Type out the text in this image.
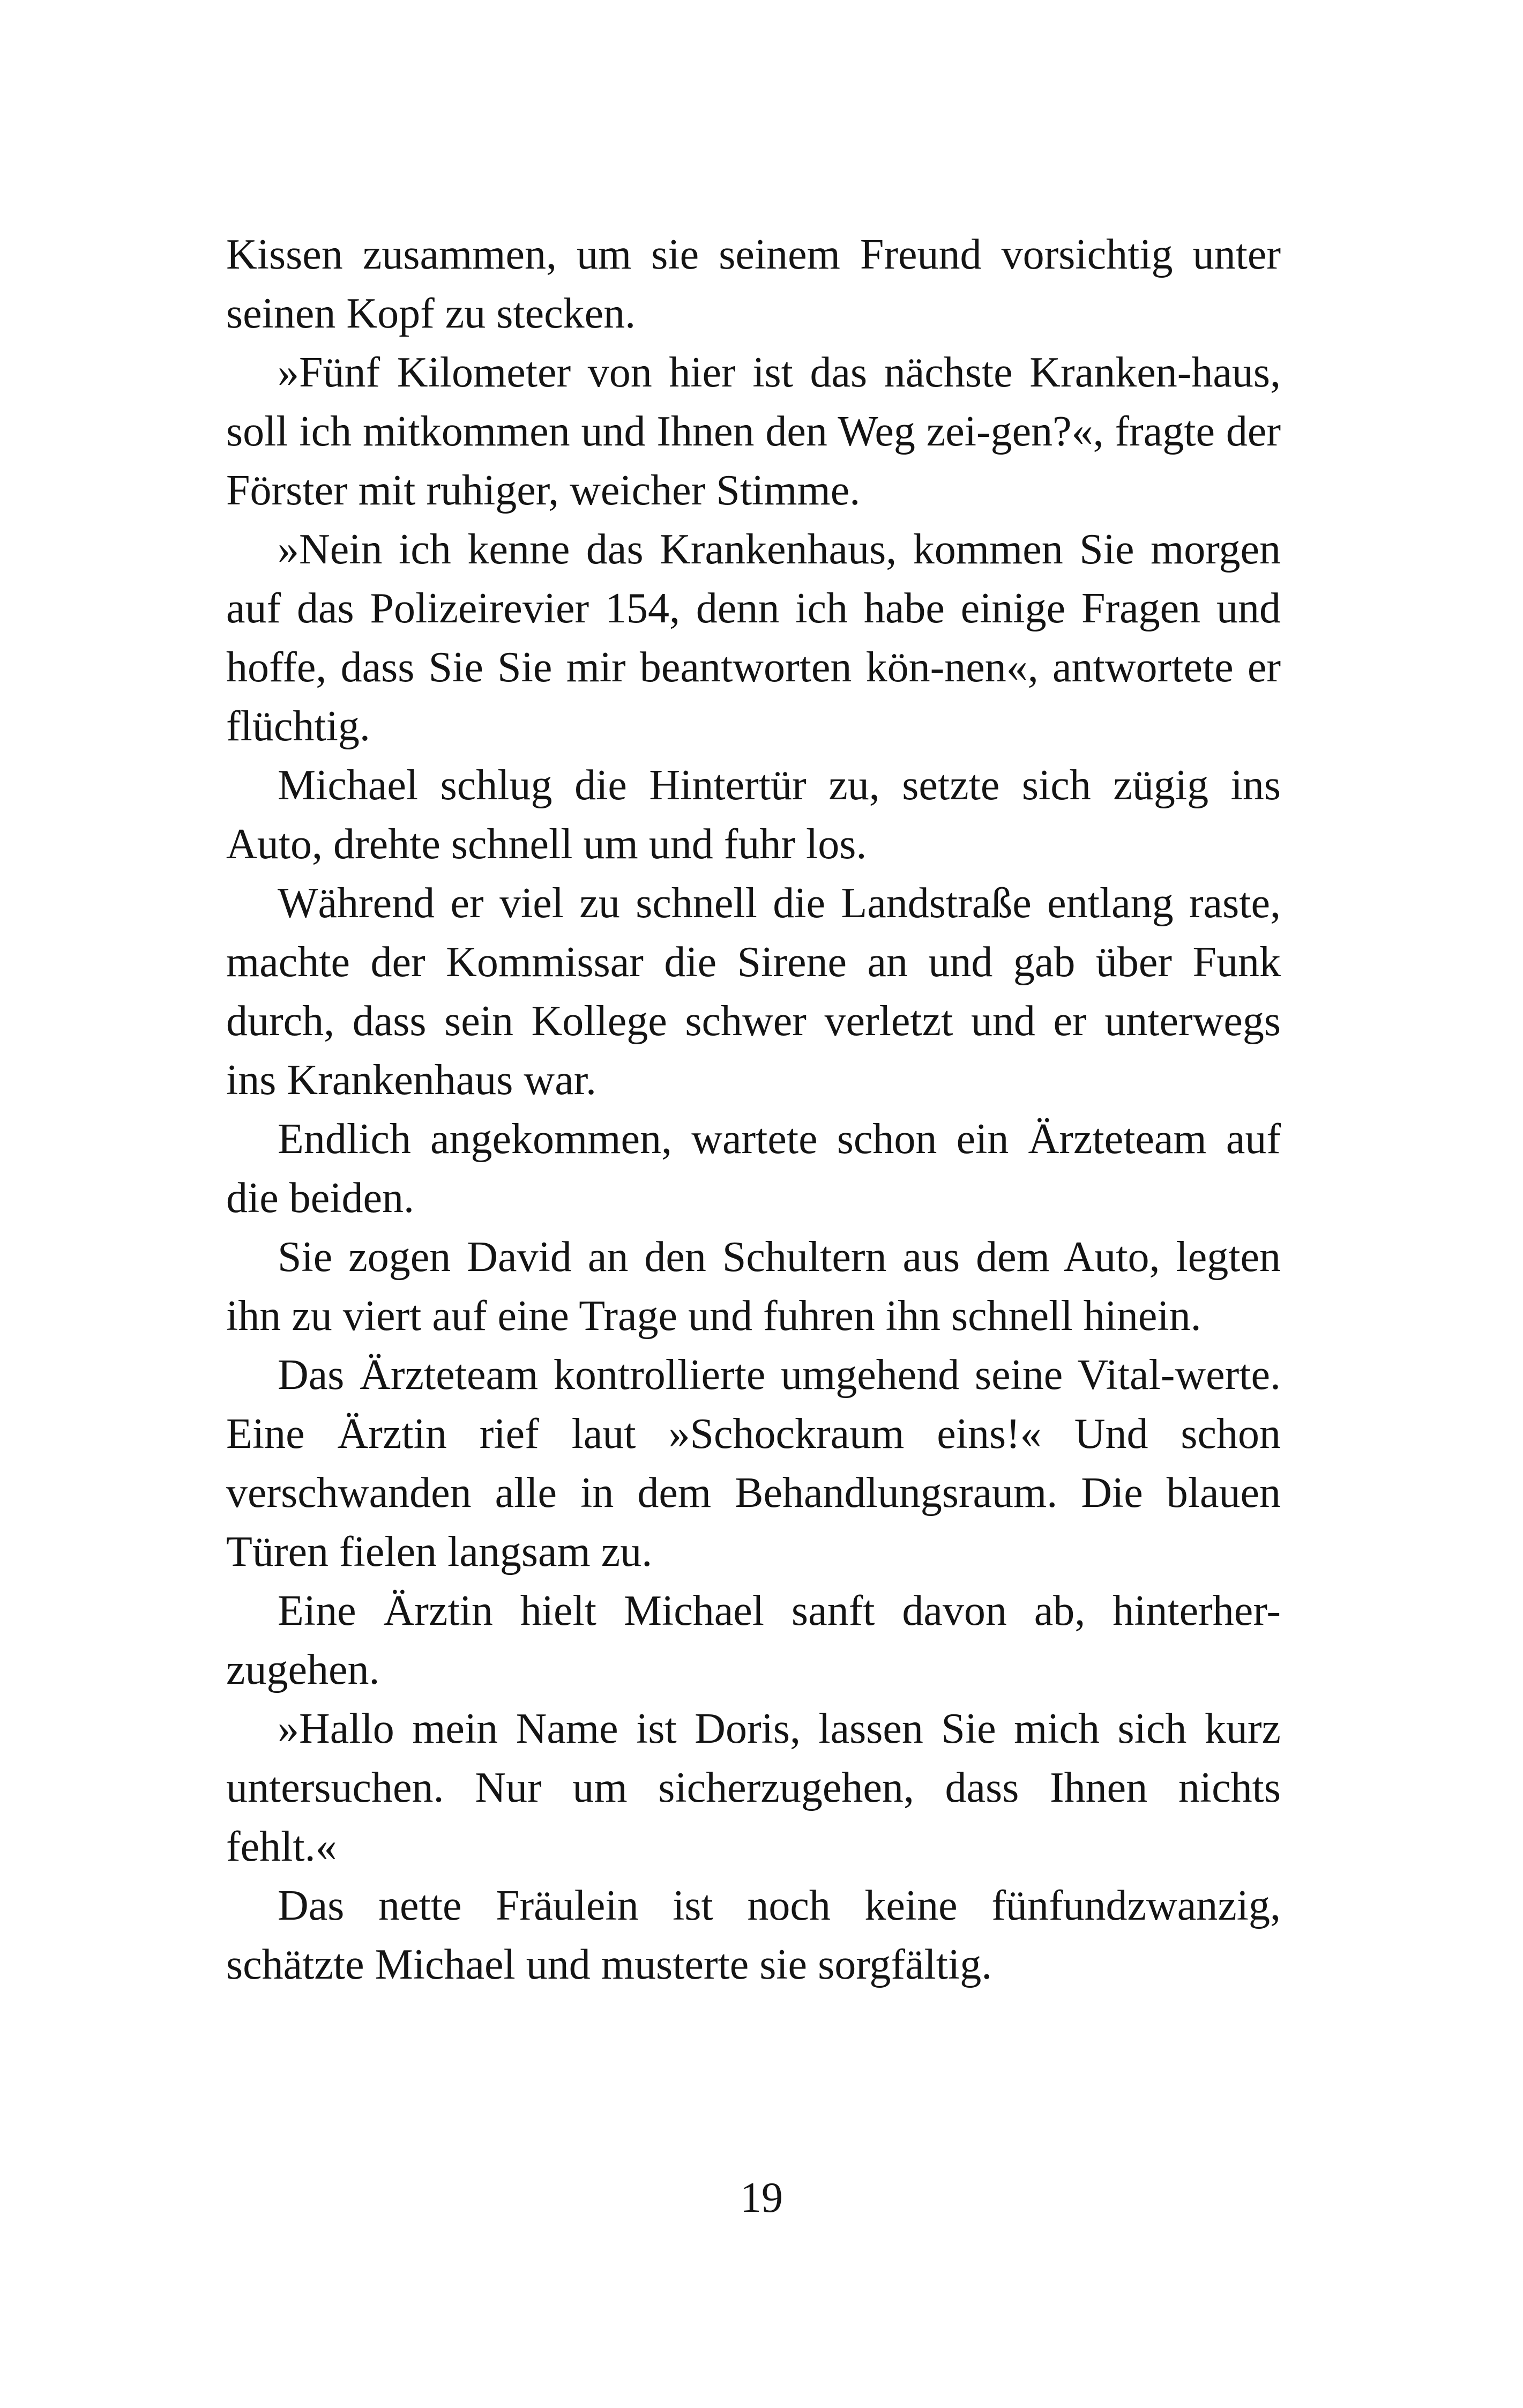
Kissen zusammen, um sie seinem Freund vorsichtig unter seinen Kopf zu stecken.

»Fünf Kilometer von hier ist das nächste Kranken-haus, soll ich mitkommen und Ihnen den Weg zei-gen?«, fragte der Förster mit ruhiger, weicher Stimme.

»Nein ich kenne das Krankenhaus, kommen Sie morgen auf das Polizeirevier 154, denn ich habe einige Fragen und hoffe, dass Sie Sie mir beantworten kön-nen«, antwortete er flüchtig.

Michael schlug die Hintertür zu, setzte sich zügig ins Auto, drehte schnell um und fuhr los.

Während er viel zu schnell die Landstraße entlang raste, machte der Kommissar die Sirene an und gab über Funk durch, dass sein Kollege schwer verletzt und er unterwegs ins Krankenhaus war.

Endlich angekommen, wartete schon ein Ärzteteam auf die beiden.

Sie zogen David an den Schultern aus dem Auto, legten ihn zu viert auf eine Trage und fuhren ihn schnell hinein.

Das Ärzteteam kontrollierte umgehend seine Vital-werte. Eine Ärztin rief laut »Schockraum eins!« Und schon verschwanden alle in dem Behandlungsraum. Die blauen Türen fielen langsam zu.

Eine Ärztin hielt Michael sanft davon ab, hinterher-zugehen.

»Hallo mein Name ist Doris, lassen Sie mich sich kurz untersuchen. Nur um sicherzugehen, dass Ihnen nichts fehlt.«

Das nette Fräulein ist noch keine fünfundzwanzig, schätzte Michael und musterte sie sorgfältig.

19
